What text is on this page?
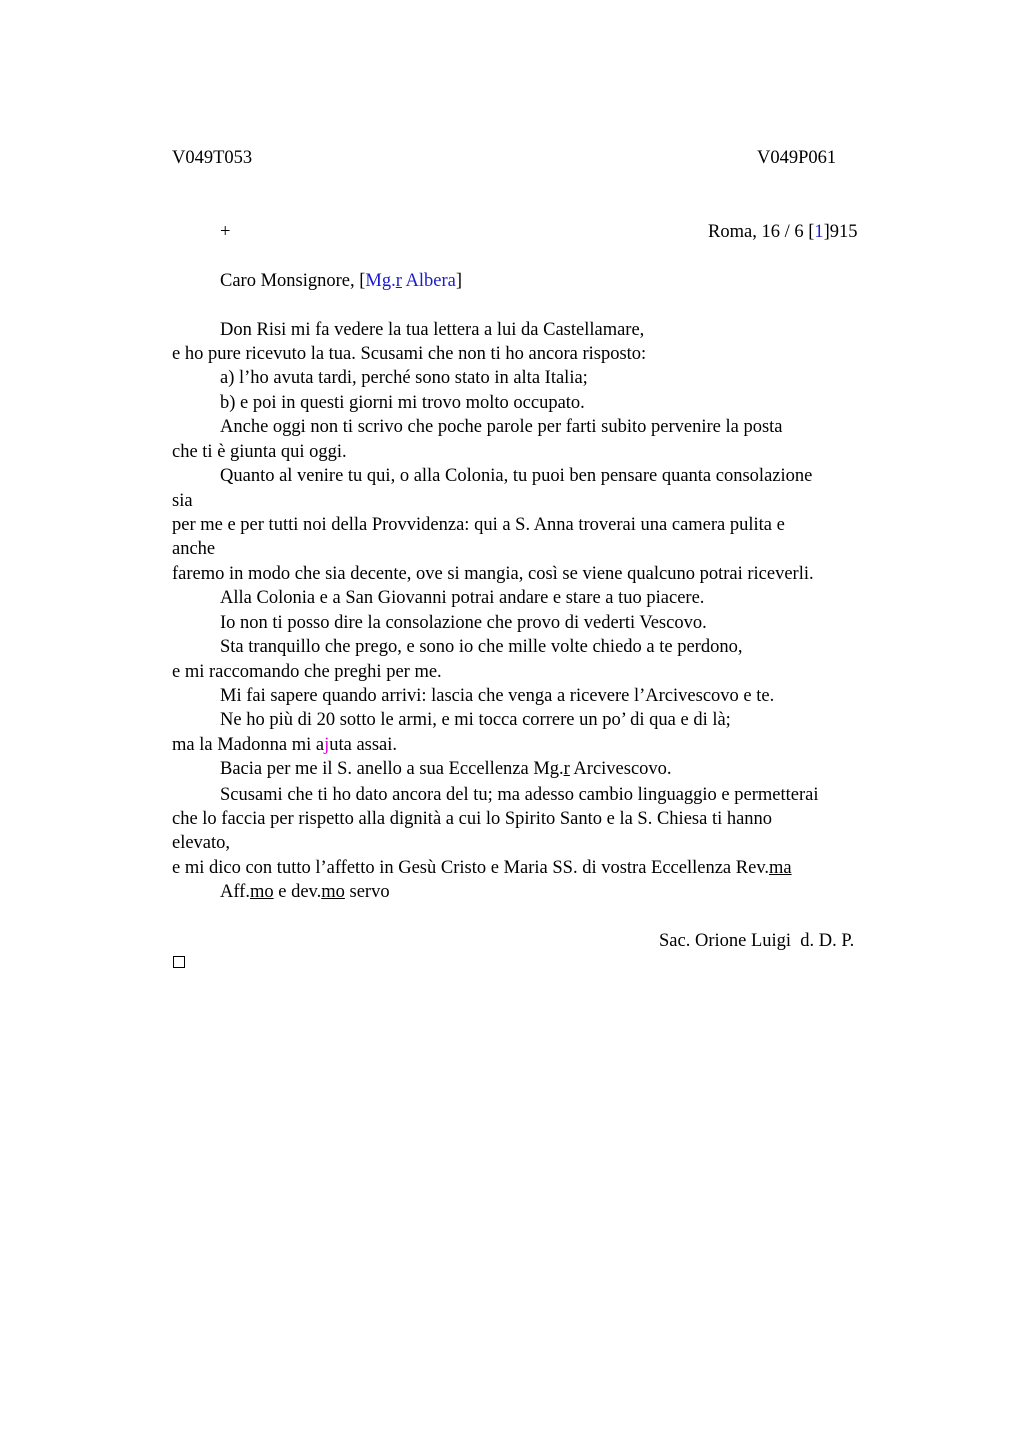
V049T053	V049P061
+	Roma, 16 / 6 [1]915
Caro Monsignore, [Mg.r Albera]
Don Risi mi fa vedere la tua lettera a lui da Castellamare,
e ho pure ricevuto la tua. Scusami che non ti ho ancora risposto:
a) l’ho avuta tardi, perché sono stato in alta Italia;
b) e poi in questi giorni mi trovo molto occupato.
Anche oggi non ti scrivo che poche parole per farti subito pervenire la posta
che ti è giunta qui oggi.
Quanto al venire tu qui, o alla Colonia, tu puoi ben pensare quanta consolazione
sia
per me e per tutti noi della Provvidenza: qui a S. Anna troverai una camera pulita e
anche
faremo in modo che sia decente, ove si mangia, così se viene qualcuno potrai riceverli.
Alla Colonia e a San Giovanni potrai andare e stare a tuo piacere.
Io non ti posso dire la consolazione che provo di vederti Vescovo.
Sta tranquillo che prego, e sono io che mille volte chiedo a te perdono,
e mi raccomando che preghi per me.
Mi fai sapere quando arrivi: lascia che venga a ricevere l’Arcivescovo e te.
Ne ho più di 20 sotto le armi, e mi tocca correre un po’ di qua e di là;
ma la Madonna mi ajuta assai.
Bacia per me il S. anello a sua Eccellenza Mg.r Arcivescovo.
Scusami che ti ho dato ancora del tu; ma adesso cambio linguaggio e permetterai
che lo faccia per rispetto alla dignità a cui lo Spirito Santo e la S. Chiesa ti hanno
elevato,
e mi dico con tutto l’affetto in Gesù Cristo e Maria SS. di vostra Eccellenza Rev.ma
Aff.mo e dev.mo servo
Sac. Orione Luigi  d. D. P.
